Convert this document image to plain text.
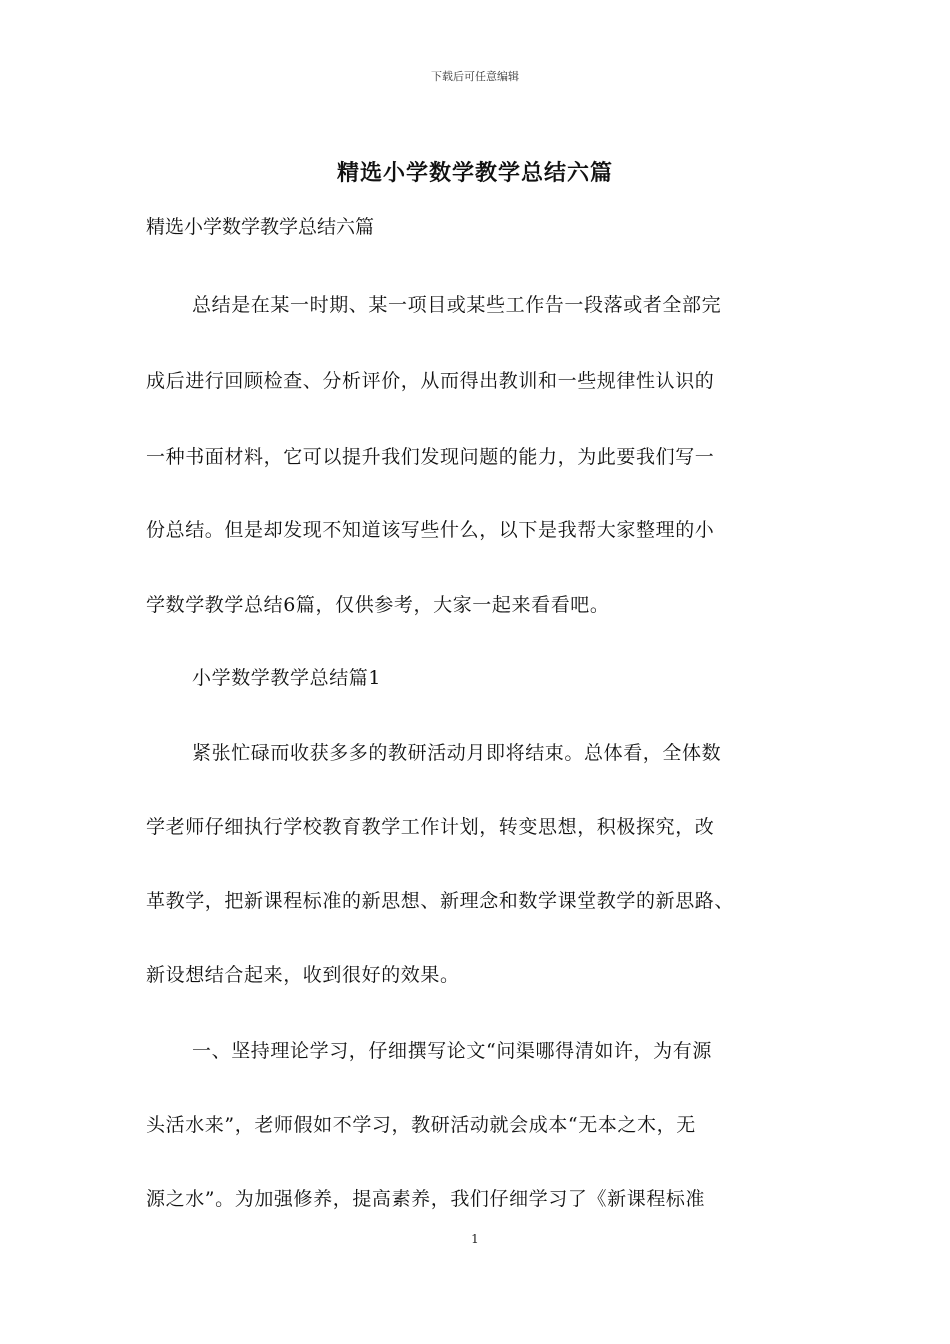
下载后可任意编辑
精选小学数学教学总结六篇
精选小学数学教学总结六篇
总结是在某一时期、某一项目或某些工作告一段落或者全部完
成后进行回顾检查、分析评价，从而得出教训和一些规律性认识的
一种书面材料，它可以提升我们发现问题的能力，为此要我们写一
份总结。但是却发现不知道该写些什么，以下是我帮大家整理的小
学数学教学总结6篇，仅供参考，大家一起来看看吧。
小学数学教学总结篇1
紧张忙碌而收获多多的教研活动月即将结束。总体看，全体数
学老师仔细执行学校教育教学工作计划，转变思想，积极探究，改
革教学，把新课程标准的新思想、新理念和数学课堂教学的新思路、
新设想结合起来，收到很好的效果。
一、坚持理论学习，仔细撰写论文“问渠哪得清如许，为有源
头活水来”，老师假如不学习，教研活动就会成本“无本之木，无
源之水”。为加强修养，提高素养，我们仔细学习了《新课程标准
1
